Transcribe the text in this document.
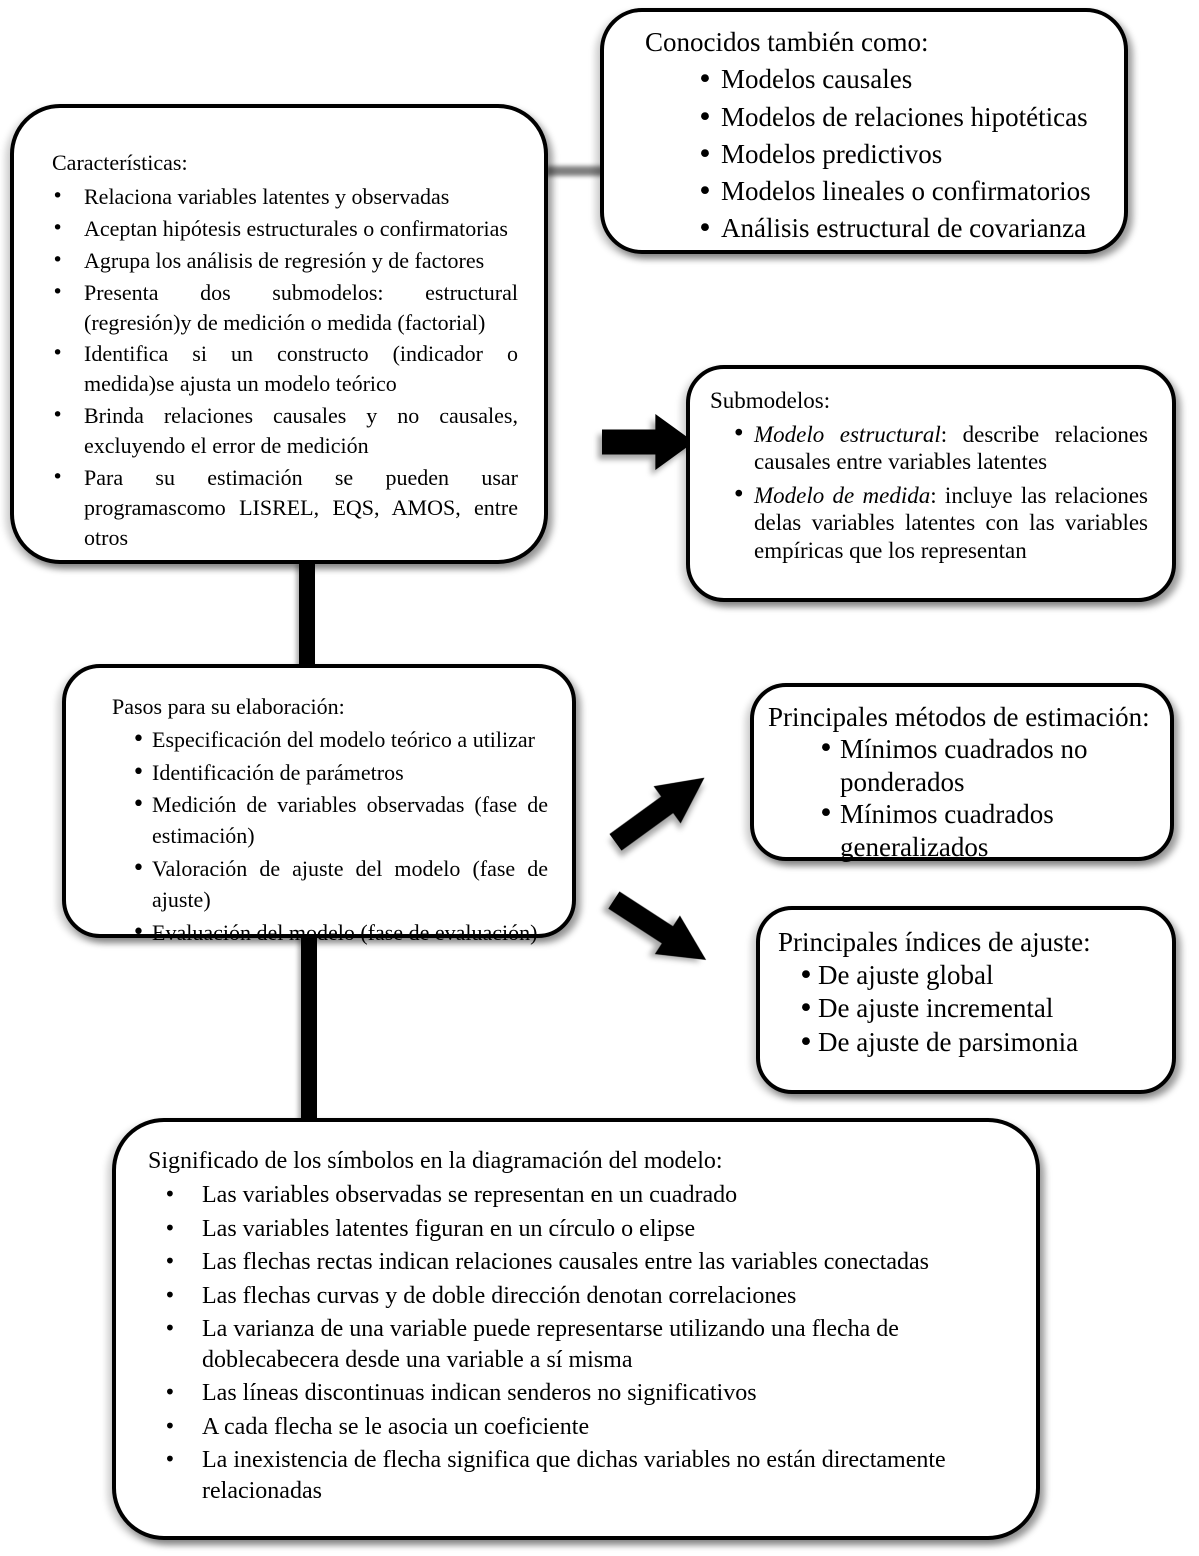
Conocidos también como:
• Modelos causales
• Modelos de relaciones hipotéticas
• Modelos predictivos
• Modelos lineales o confirmatorios
• Análisis estructural de covarianza
Características:
• Relaciona variables latentes y observadas
• Aceptan hipótesis estructurales o confirmatorias
• Agrupa los análisis de regresión y de factores
• Presenta dos submodelos: estructural (regresión)y de medición o medida (factorial)
• Identifica si un constructo (indicador o medida)se ajusta un modelo teórico
• Brinda relaciones causales y no causales, excluyendo el error de medición
• Para su estimación se pueden usar programascomo LISREL, EQS, AMOS, entre otros
Submodelos:
• Modelo estructural: describe relaciones causales entre variables latentes
• Modelo de medida: incluye las relaciones delas variables latentes con las variables empíricas que los representan
Pasos para su elaboración:
• Especificación del modelo teórico a utilizar
• Identificación de parámetros
• Medición de variables observadas (fase de estimación)
• Valoración de ajuste del modelo (fase de ajuste)
• Evaluación del modelo (fase de evaluación)
Principales métodos de estimación:
• Mínimos cuadrados no ponderados
• Mínimos cuadrados generalizados
Principales índices de ajuste:
• De ajuste global
• De ajuste incremental
• De ajuste de parsimonia
Significado de los símbolos en la diagramación del modelo:
•	Las variables observadas se representan en un cuadrado
•	Las variables latentes figuran en un círculo o elipse
•	Las flechas rectas indican relaciones causales entre las variables conectadas
•	Las flechas curvas y de doble dirección denotan correlaciones
•	La varianza de una variable puede representarse utilizando una flecha de doblecabecera desde una variable a sí misma
•	Las líneas discontinuas indican senderos no significativos
•	A cada flecha se le asocia un coeficiente
•	La inexistencia de flecha significa que dichas variables no están directamente relacionadas
